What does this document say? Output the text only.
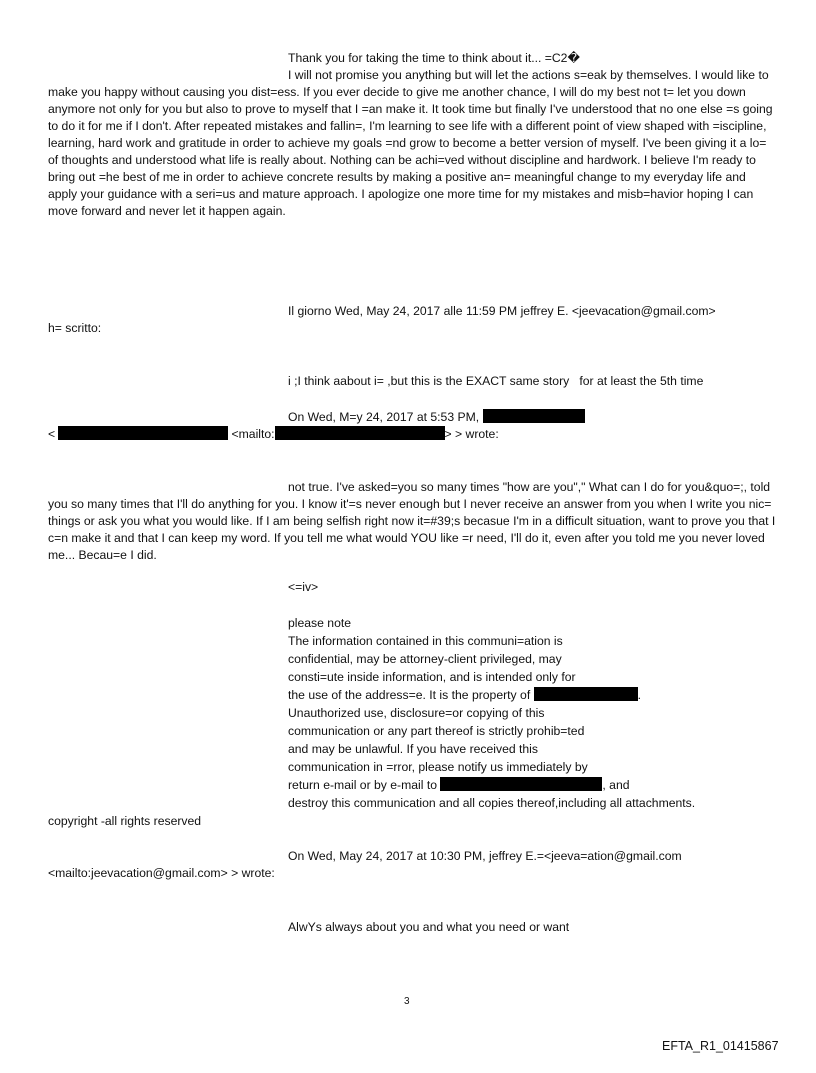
Thank you for taking the time to think about it... =C2�

I will not promise you anything but will let the actions s=eak by themselves. I would like to make you happy without causing you dist=ess. If you ever decide to give me another chance, I will do my best not t= let you down anymore not only for you but also to prove to myself that I =an make it. It took time but finally I've understood that no one else =s going to do it for me if I don't. After repeated mistakes and fallin=, I'm learning to see life with a different point of view shaped with =iscipline, learning, hard work and gratitude in order to achieve my goals =nd grow to become a better version of myself. I've been giving it a lo= of thoughts and understood what life is really about. Nothing can be achi=ved without discipline and hardwork. I believe I'm ready to bring out =he best of me in order to achieve concrete results by making a positive an= meaningful change to my everyday life and apply your guidance with a seri=us and mature approach. I apologize one more time for my mistakes and misb=havior hoping I can move forward and never let it happen again.

Il giorno Wed, May 24, 2017 alle 11:59 PM jeffrey E. <jeevacation@gmail.com>

h= scritto:

i ;I think aabout i= ,but this is the EXACT same story   for at least the 5th time

On Wed, M=y 24, 2017 at 5:53 PM,

<	<mailto:	> > wrote:

not true. I've asked=you so many times "how are you"," What can I do for you&quo=;, told you so many times that I'll do anything for you. I know it'=s never enough but I never receive an answer from you when I write you nic= things or ask you what you would like. If I am being selfish right now it=#39;s becasue I'm in a difficult situation, want to prove you that I c=n make it and that I can keep my word. If you tell me what would YOU like =r need, I'll do it, even after you told me you never loved me... Becau=e I did.

<=iv>

please note

The information contained in this communi=ation is

confidential, may be attorney-client privileged, may

consti=ute inside information, and is intended only for

the use of the address=e. It is the property of	.

Unauthorized use, disclosure=or copying of this

communication or any part thereof is strictly prohib=ted

and may be unlawful. If you have received this

communication in =rror, please notify us immediately by

return e-mail or by e-mail to	, and

destroy this communication and all copies thereof,including all attachments.

copyright -all rights reserved

On Wed, May 24, 2017 at 10:30 PM, jeffrey E.=<jeeva=ation@gmail.com

<mailto:jeevacation@gmail.com> > wrote:

AlwYs always about you and what you need or want

3
EFTA_R1_01415867
